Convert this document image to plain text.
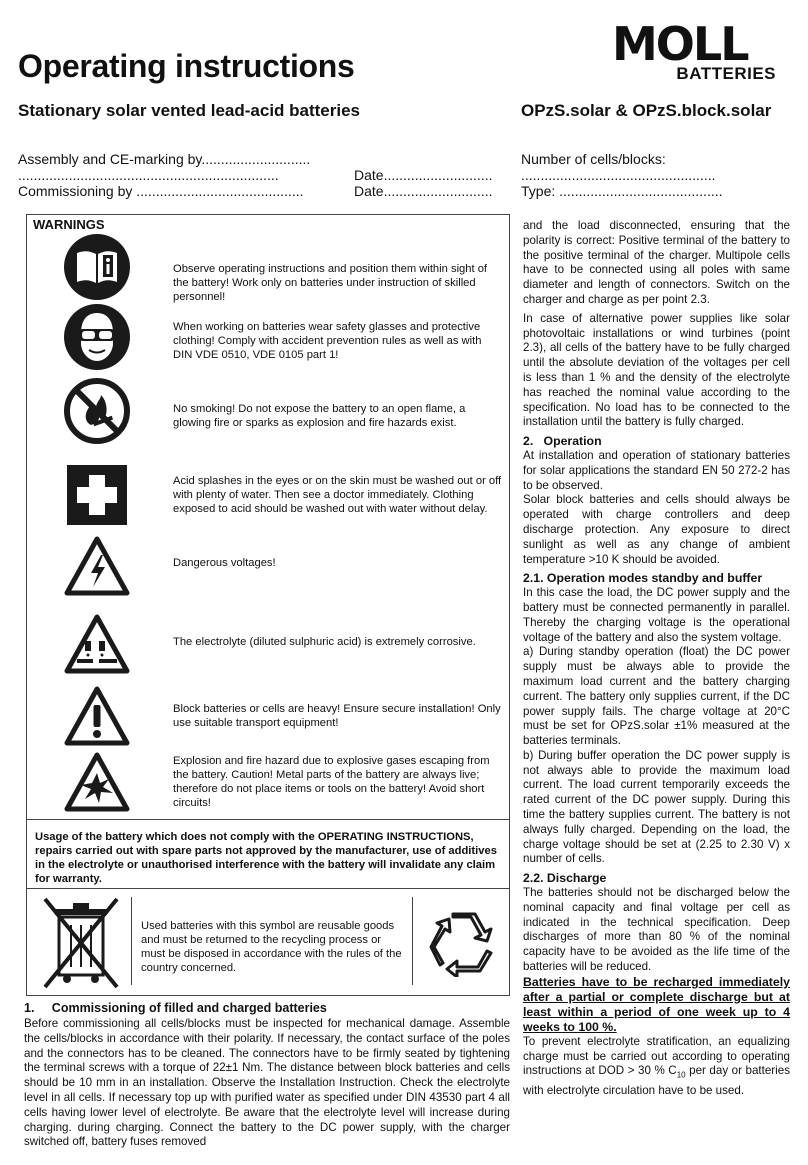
Operating instructions	MOLL
BATTERIES
Stationary solar vented lead-acid batteries	OPzS.solar & OPzS.block.solar
Assembly and CE-marking by............................
...................................................................	Date............................
Commissioning by ...........................................	Date............................
Number of cells/blocks:
..................................................
Type: ..........................................
WARNINGS
Observe operating instructions and position them within sight of the battery! Work only on batteries under instruction of skilled personnel!
When working on batteries wear safety glasses and protective clothing! Comply with accident prevention rules as well as with DIN VDE 0510, VDE 0105 part 1!
No smoking! Do not expose the battery to an open flame, a glowing fire or sparks as explosion and fire hazards exist.
Acid splashes in the eyes or on the skin must be washed out or off with plenty of water. Then see a doctor immediately. Clothing exposed to acid should be washed out with water without delay.
Dangerous voltages!
The electrolyte (diluted sulphuric acid) is extremely corrosive.
Block batteries or cells are heavy! Ensure secure installation! Only use suitable transport equipment!
Explosion and fire hazard due to explosive gases escaping from the battery. Caution! Metal parts of the battery are always live; therefore do not place items or tools on the battery! Avoid short circuits!
Usage of the battery which does not comply with the OPERATING INSTRUCTIONS, repairs carried out with spare parts not approved by the manufacturer, use of additives in the electrolyte or unauthorised interference with the battery will invalidate any claim for warranty.
Used batteries with this symbol are reusable goods and must be returned to the recycling process or must be disposed in accordance with the rules of the country concerned.
1.     Commissioning of filled and charged batteries
Before commissioning all cells/blocks must be inspected for mechanical damage. Assemble the cells/blocks in accordance with their polarity. If necessary, the contact surface of the poles and the connectors has to be cleaned. The connectors have to be firmly seated by tightening the terminal screws with a torque of 22±1 Nm. The distance between block batteries and cells should be 10 mm in an installation. Observe the Installation Instruction. Check the electrolyte level in all cells. If necessary top up with purified water as specified under DIN 43530 part 4 all cells having lower level of electrolyte. Be aware that the electrolyte level will increase during charging. during charging. Connect the battery to the DC power supply, with the charger switched off, battery fuses removed

and the load disconnected, ensuring that the polarity is correct: Positive terminal of the battery to the positive terminal of the charger. Multipole cells have to be connected using all poles with same diameter and length of connectors. Switch on the charger and charge as per point 2.3.

In case of alternative power supplies like solar photovoltaic installations or wind turbines (point 2.3), all cells of the battery have to be fully charged until the absolute deviation of the voltages per cell is less than 1 % and the density of the electrolyte has reached the nominal value according to the specification. No load has to be connected to the installation until the battery is fully charged.

2.   Operation

At installation and operation of stationary batteries for solar applications the standard EN 50 272-2 has to be observed.

Solar block batteries and cells should always be operated with charge controllers and deep discharge protection. Any exposure to direct sunlight as well as any change of ambient temperature >10 K should be avoided.

2.1. Operation modes standby and buffer

In this case the load, the DC power supply and the battery must be connected permanently in parallel. Thereby the charging voltage is the operational voltage of the battery and also the system voltage.

a) During standby operation (float) the DC power supply must be always able to provide the maximum load current and the battery charging current. The battery only supplies current, if the DC power supply fails. The charge voltage at 20°C must be set for OPzS.solar ±1% measured at the batteries terminals.

b) During buffer operation the DC power supply is not always able to provide the maximum load current. The load current temporarily exceeds the rated current of the DC power supply. During this time the battery supplies current. The battery is not always fully charged. Depending on the load, the charge voltage should be set at (2.25 to 2.30 V) x number of cells.

2.2. Discharge

The batteries should not be discharged below the nominal capacity and final voltage per cell as indicated in the technical specification. Deep discharges of more than 80 % of the nominal capacity have to be avoided as the life time of the batteries will be reduced.

Batteries have to be recharged immediately after a partial or complete discharge but at least within a period of one week up to 4 weeks to 100 %.

To prevent electrolyte stratification, an equalizing charge must be carried out according to operating instructions at DOD > 30 % $C_{10}$ per day or batteries with electrolyte circulation have to be used.
